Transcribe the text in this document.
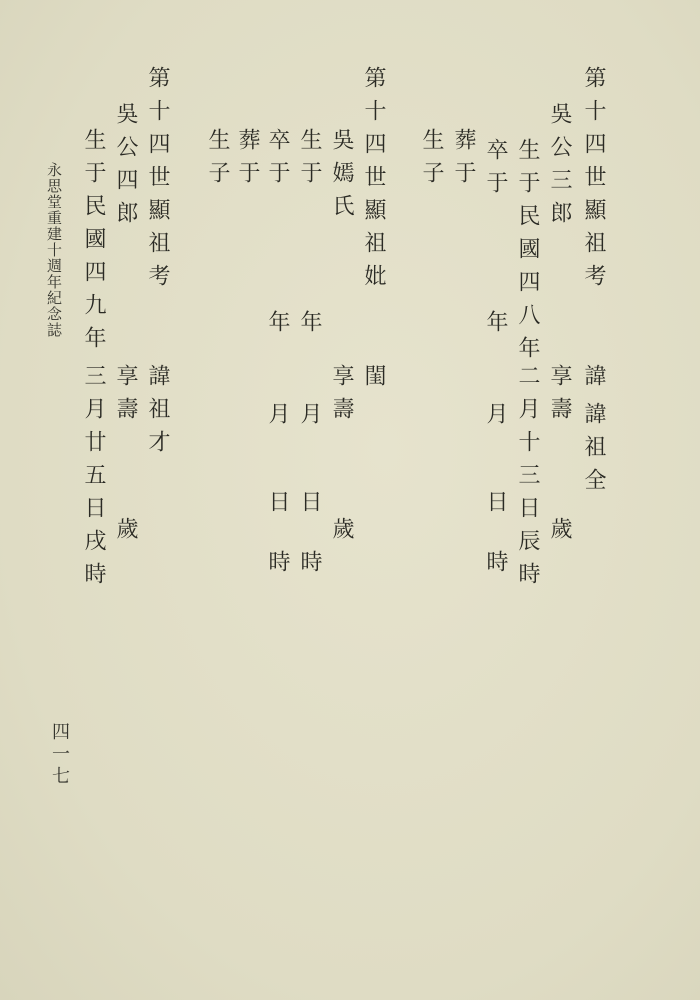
第十四世顯祖考
諱
吳公三郎
享壽
歲
諱祖全
生于民國四八年
二月十三日辰時
卒于
年
月
日
時
葬于
生子
第十四世顯祖妣
閨
吳嫣氏
享壽
歲
生于
年
月
日
時
卒于
年
月
日
時
葬于
生子
第十四世顯祖考
諱祖才
吳公四郎
享壽
歲
生于民國四九年
三月廿五日戌時
永思堂重建十週年紀念誌
四一七
